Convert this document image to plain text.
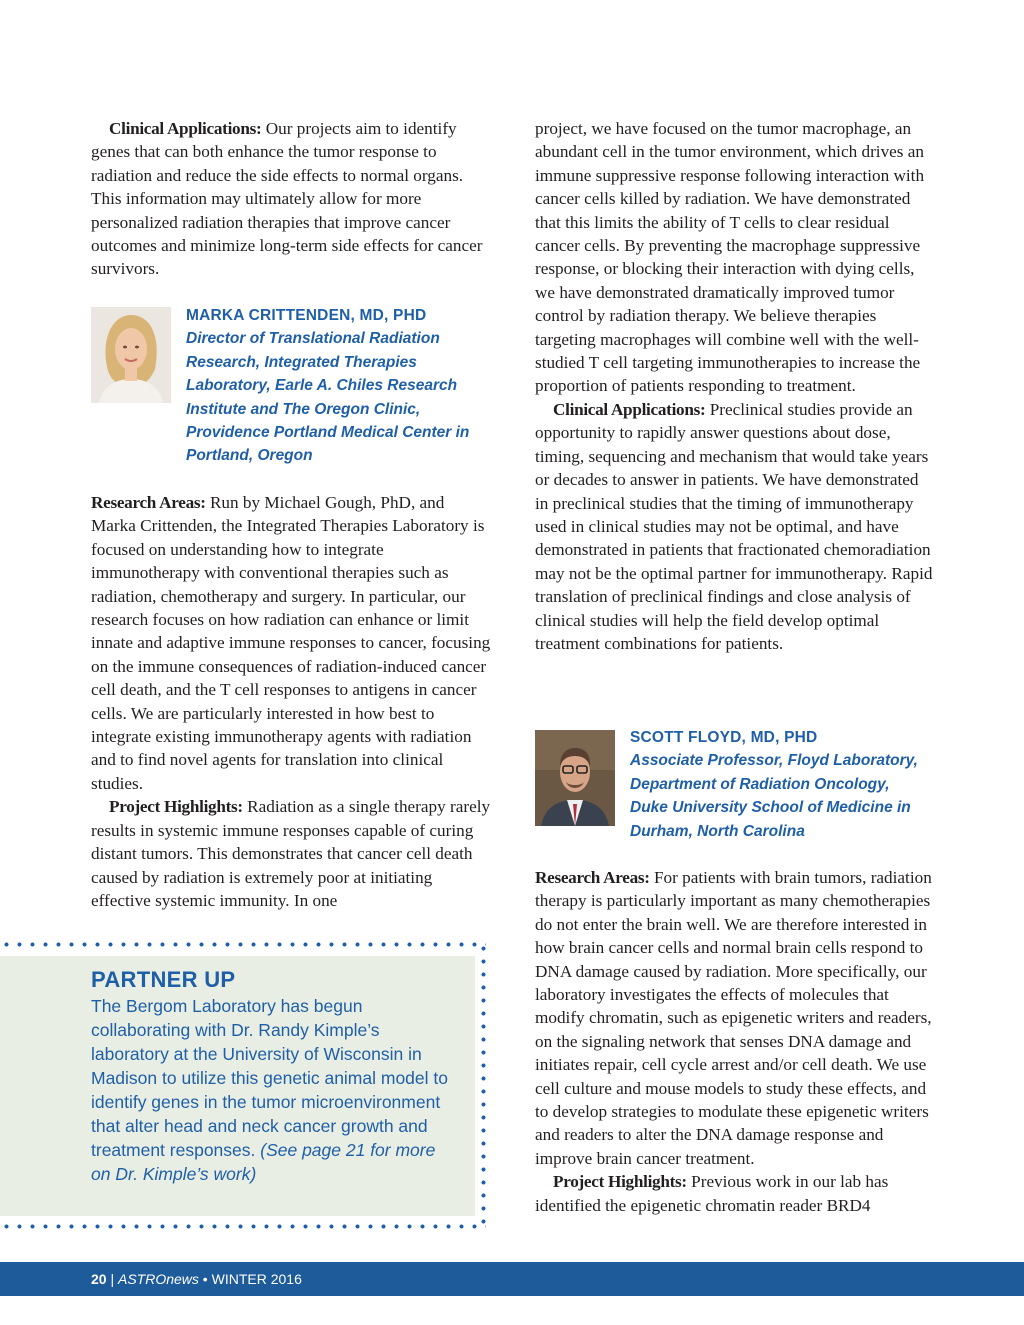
Clinical Applications: Our projects aim to identify genes that can both enhance the tumor response to radiation and reduce the side effects to normal organs. This information may ultimately allow for more personalized radiation therapies that improve cancer outcomes and minimize long-term side effects for cancer survivors.

MARKA CRITTENDEN, MD, PHD

Director of Translational Radiation Research, Integrated Therapies Laboratory, Earle A. Chiles Research Institute and The Oregon Clinic, Providence Portland Medical Center in Portland, Oregon

Research Areas: Run by Michael Gough, PhD, and Marka Crittenden, the Integrated Therapies Laboratory is focused on understanding how to integrate immunotherapy with conventional therapies such as radiation, chemotherapy and surgery. In particular, our research focuses on how radiation can enhance or limit innate and adaptive immune responses to cancer, focusing on the immune consequences of radiation-induced cancer cell death, and the T cell responses to antigens in cancer cells. We are particularly interested in how best to integrate existing immunotherapy agents with radiation and to find novel agents for translation into clinical studies.

Project Highlights: Radiation as a single therapy rarely results in systemic immune responses capable of curing distant tumors. This demonstrates that cancer cell death caused by radiation is extremely poor at initiating effective systemic immunity. In one

PARTNER UP

The Bergom Laboratory has begun collaborating with Dr. Randy Kimple’s laboratory at the University of Wisconsin in Madison to utilize this genetic animal model to identify genes in the tumor microenvironment that alter head and neck cancer growth and treatment responses. (See page 21 for more on Dr. Kimple’s work)

project, we have focused on the tumor macrophage, an abundant cell in the tumor environment, which drives an immune suppressive response following interaction with cancer cells killed by radiation. We have demonstrated that this limits the ability of T cells to clear residual cancer cells. By preventing the macrophage suppressive response, or blocking their interaction with dying cells, we have demonstrated dramatically improved tumor control by radiation therapy. We believe therapies targeting macrophages will combine well with the well-studied T cell targeting immunotherapies to increase the proportion of patients responding to treatment.

Clinical Applications: Preclinical studies provide an opportunity to rapidly answer questions about dose, timing, sequencing and mechanism that would take years or decades to answer in patients. We have demonstrated in preclinical studies that the timing of immunotherapy used in clinical studies may not be optimal, and have demonstrated in patients that fractionated chemoradiation may not be the optimal partner for immunotherapy. Rapid translation of preclinical findings and close analysis of clinical studies will help the field develop optimal treatment combinations for patients.

SCOTT FLOYD, MD, PHD

Associate Professor, Floyd Laboratory, Department of Radiation Oncology, Duke University School of Medicine in Durham, North Carolina

Research Areas: For patients with brain tumors, radiation therapy is particularly important as many chemotherapies do not enter the brain well. We are therefore interested in how brain cancer cells and normal brain cells respond to DNA damage caused by radiation. More specifically, our laboratory investigates the effects of molecules that modify chromatin, such as epigenetic writers and readers, on the signaling network that senses DNA damage and initiates repair, cell cycle arrest and/or cell death. We use cell culture and mouse models to study these effects, and to develop strategies to modulate these epigenetic writers and readers to alter the DNA damage response and improve brain cancer treatment.

Project Highlights: Previous work in our lab has identified the epigenetic chromatin reader BRD4

20 | ASTROnews • WINTER 2016
